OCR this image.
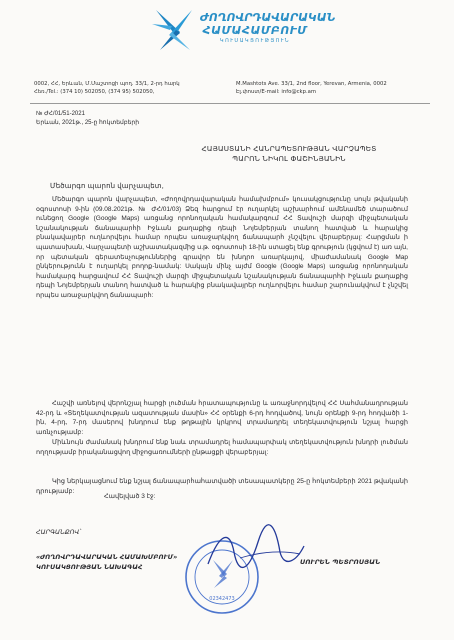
ԺՈՂՈՎՐԴԱՎԱՐԱԿԱՆ
ՀԱՄԱՀԱՄԲՈՒՄ
ԿՈՒՍԱԿՑՈՒԹՅՈՒՆ
0002, ՀՀ, Երևան, Մ.Մաշտոցի պող. 33/1, 2-րդ հարկ
Հեռ./Tel.: (374 10) 502050, (374 95) 502050,
M.Mashtots Ave. 33/1, 2nd floor, Yerevan, Armenia, 0002
Էլ.փոստ/E-mail: info@ckp.am
№ ԺՀ/01/51-2021
Երևան, 2021թ., 25-ը հոկտեմբերի
ՀԱՅԱՍՏԱՆԻ ՀԱՆՐԱՊԵՏՈՒԹՅԱՆ ՎԱՐՉԱՊԵՏ
ՊԱՐՈՆ ՆԻԿՈԼ ՓԱՇԻՆՅԱՆԻՆ
Մեծարգո պարոն վարչապետ,
Մեծարգո պարոն վարչապետ, «Ժողովրդավարական համախմբում» կուսակցությունը սույն թվականի օգոստոսի 9-ին (09.08.2021թ. № ԺՀ/01/03) Ձեզ հարցում էր ուղարկել աշխարհում ամենամեծ տարածում ունեցող Google (Google Maps) առցանց որոնողական համակարգում ՀՀ Տավուշի մարզի միջպետական նշանակության ճանապարհի Իջևան քաղաքից դեպի Նոյեմբերյան տանող հատված և հարակից բնակավայրեր ուղևորվելու համար որպես առաջարկվող ճանապարհ չնշվելու վերաբերյալ: Հարցման ի պատասխան, Վարչապետի աշխատակազմից ս.թ. օգոստոսի 18-ին ստացել ենք գրություն (կցվում է) առ այն, որ պետական գերատեսչություններից գրավոր են խնդրո առարկայով, միաժամանակ Google Map ընկերությունն է ուղարկել բողոք-նամակ: Սակայն մինչ այժմ Google (Google Maps) առցանց որոնողական համակարգ հարցավում ՀՀ Տավուշի մարզի միջպետական նշանակության ճանապարհի Իջևան քաղաքից դեպի Նոյեմբերյան տանող հատված և հարակից բնակավայրեր ուղևորվելու համար շարունակվում է չնշվել որպես առաջարկվող ճանապարհ:
Հաշվի առնելով վերոնշյալ հարցի լուծման հրատապությունը և առաջնորդվելով ՀՀ Սահմանադրության 42-րդ և «Տեղեկատվության ազատության մասին» ՀՀ օրենքի 6-րդ հոդվածով, նույն օրենքի 9-րդ հոդվածի 1-ին, 4-րդ, 7-րդ մասերով խնդրում ենք թղթային կրկրով տրամադրել տեղեկատվություն նշյալ հարցի առնչությամբ:
Միևնույն ժամանակ խնդրում ենք նաև տրամադրել համապարփակ տեղեկատվություն խնդրի լուծման ողղությամբ իրականացվող միջոցառումների ընթացքի վերաբերյալ:
Կից ներկայացնում ենք նշյալ ճանապարհահատվածի տեսապատկերը 25-ը հոկտեմբերի 2021 թվականի դրությամբ:
Հավելված 3 էջ:
ՀԱՐԳԱՆՔՈՎ՝
«ԺՈՂՈՎՐԴԱՎԱՐԱԿԱՆ ՀԱՄԱԽՄԲՈՒՄ»
ԿՈՒՍԱԿՑՈՒԹՅԱՆ ՆԱԽԱԳԱՀ
02342473
ՍՈՒՐԵՆ ՊԵՏՐՈՍՅԱՆ
